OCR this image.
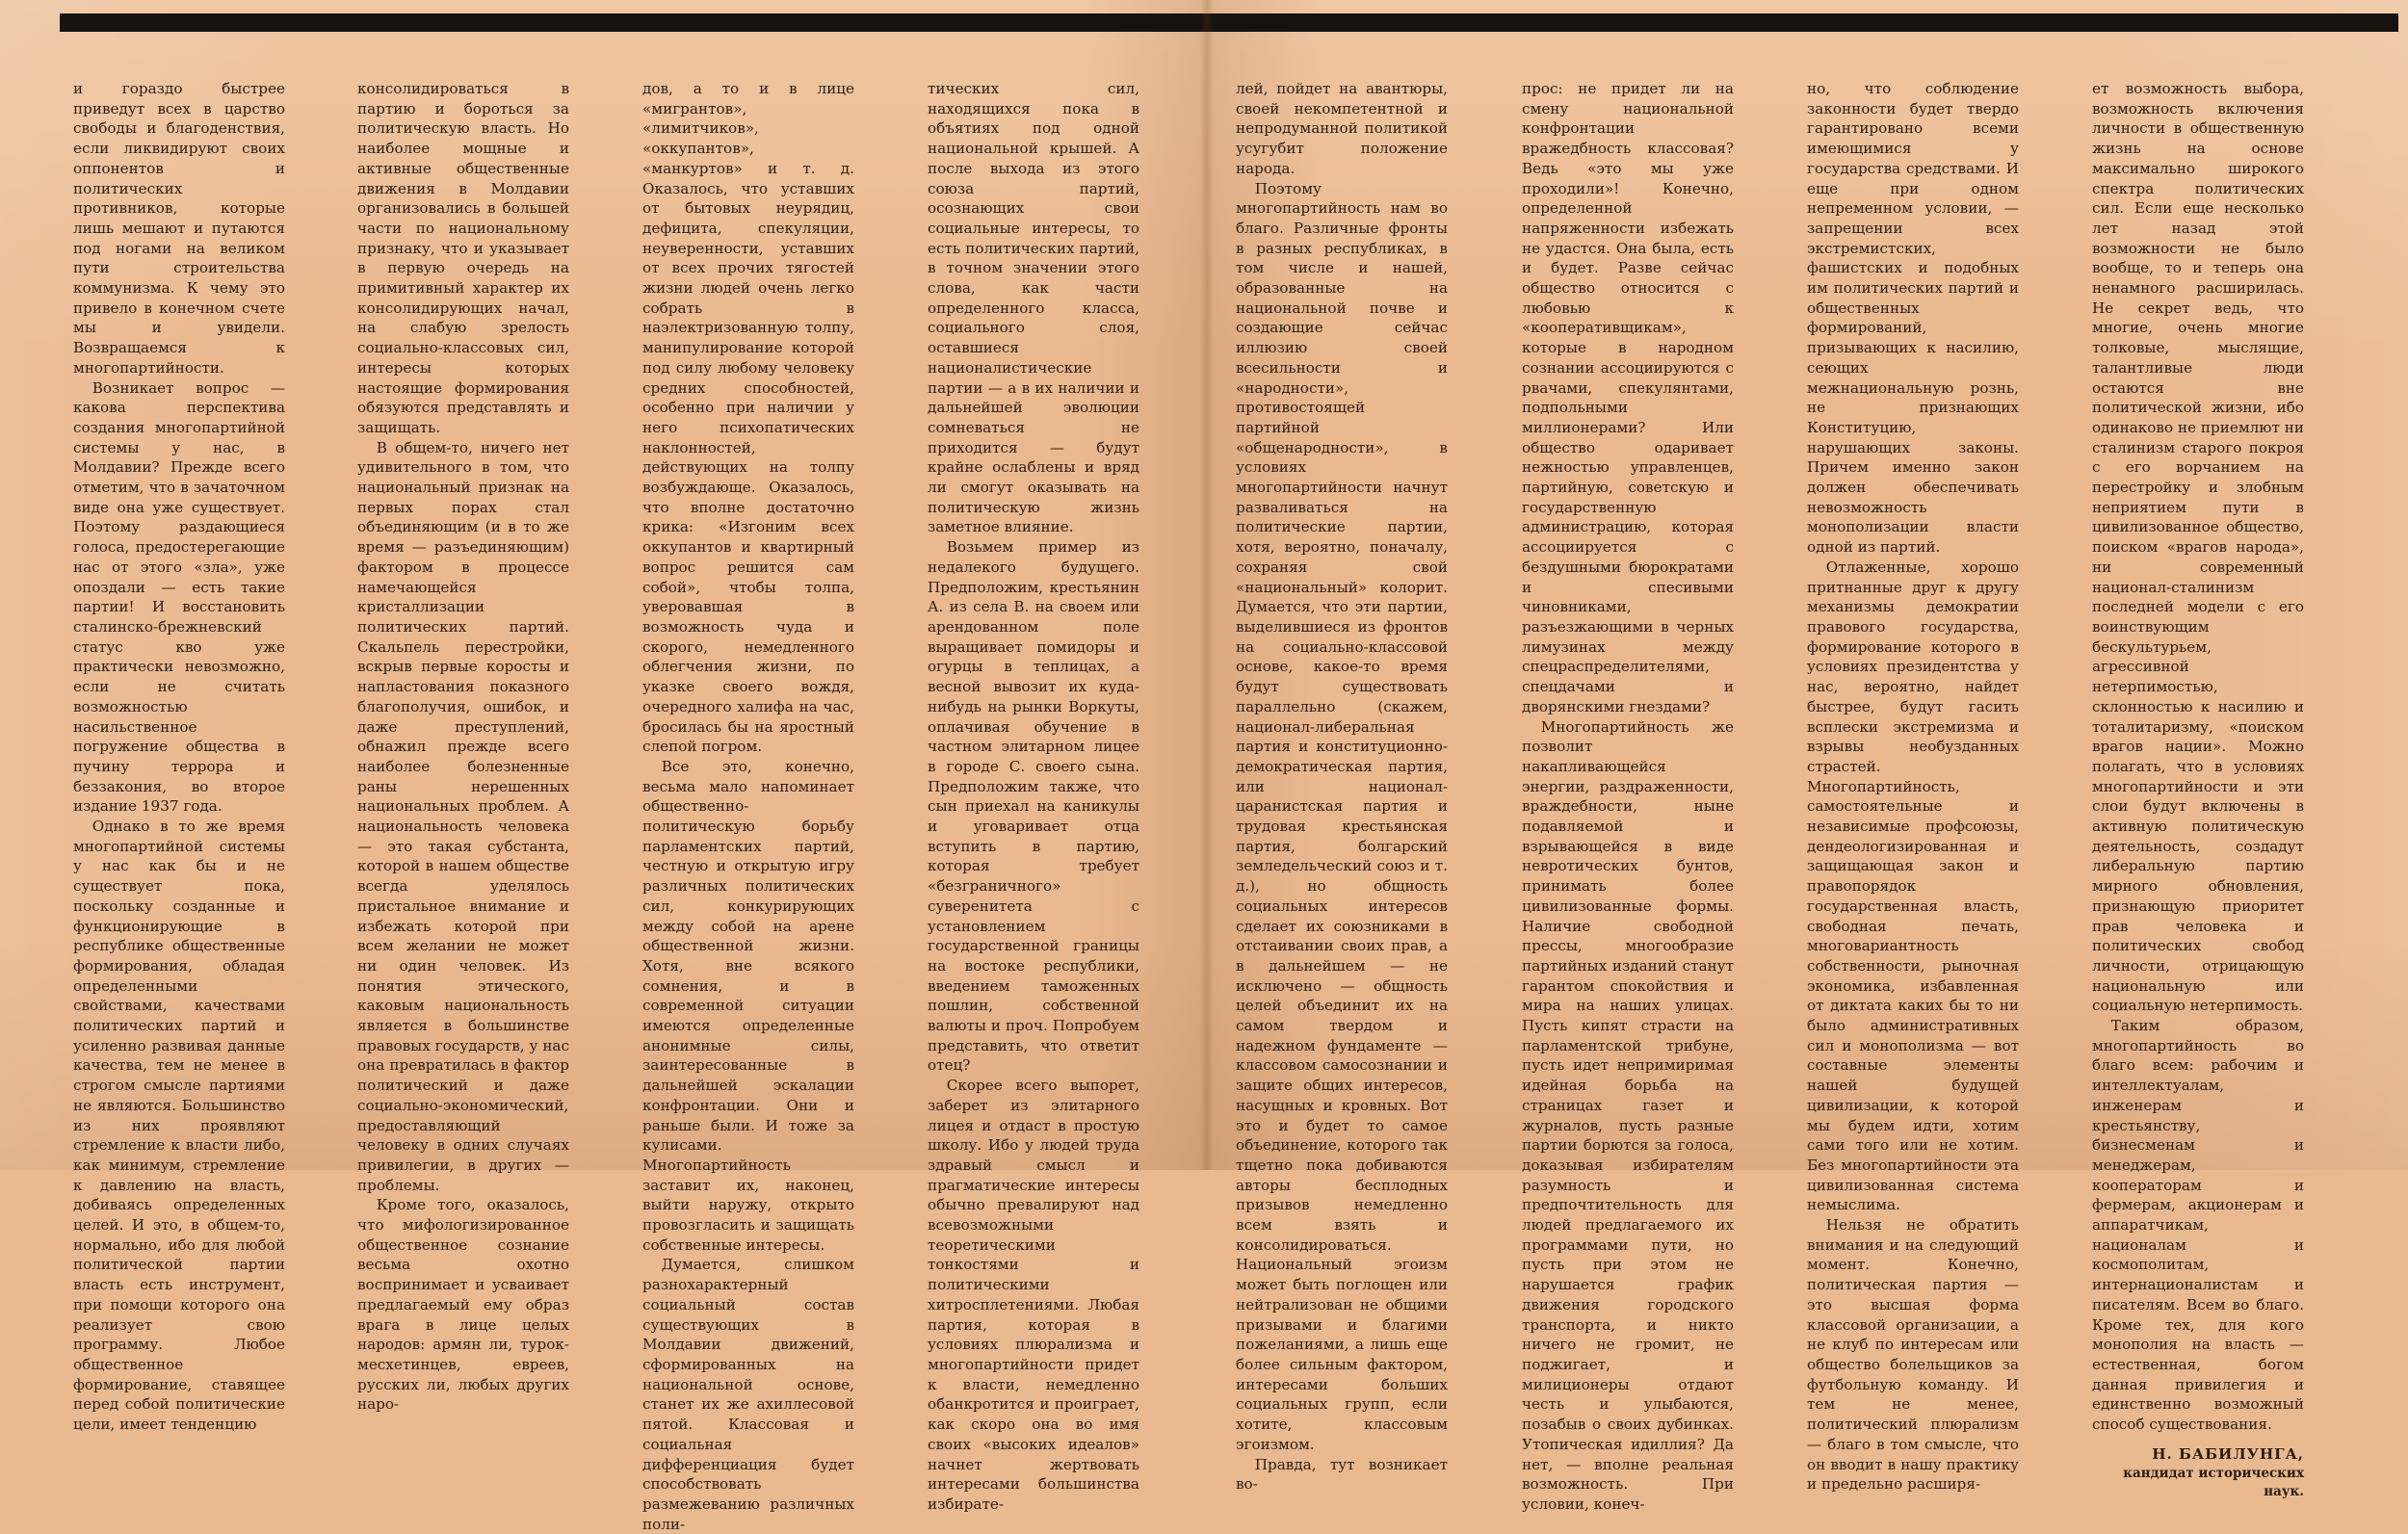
и гораздо быстрее приведут всех в царство свободы и благоденствия, если ликвидируют своих оппонентов и политических противников, которые лишь мешают и путаются под ногами на великом пути строительства коммунизма. К чему это привело в конечном счете мы и увидели. Возвращаемся к многопартийности.

Возникает вопрос — какова перспектива создания многопартийной системы у нас, в Молдавии? Прежде всего отметим, что в зачаточном виде она уже существует. Поэтому раздающиеся голоса, предостерегающие нас от этого «зла», уже опоздали — есть такие партии! И восстановить сталинско-брежневский статус кво уже практически невозможно, если не считать возможностью насильственное погружение общества в пучину террора и беззакония, во второе издание 1937 года.

Однако в то же время многопартийной системы у нас как бы и не существует пока, поскольку созданные и функционирующие в республике общественные формирования, обладая определенными свойствами, качествами политических партий и усиленно развивая данные качества, тем не менее в строгом смысле партиями не являются. Большинство из них проявляют стремление к власти либо, как минимум, стремление к давлению на власть, добиваясь определенных целей. И это, в общем-то, нормально, ибо для любой политической партии власть есть инструмент, при помощи которого она реализует свою программу. Любое общественное формирование, ставящее перед собой политические цели, имеет тенденцию

консолидироваться в партию и бороться за политическую власть. Но наиболее мощные и активные общественные движения в Молдавии организовались в большей части по национальному признаку, что и указывает в первую очередь на примитивный характер их консолидирующих начал, на слабую зрелость социально-классовых сил, интересы которых настоящие формирования обязуются представлять и защищать.

В общем-то, ничего нет удивительного в том, что национальный признак на первых порах стал объединяющим (и в то же время — разъединяющим) фактором в процессе намечающейся кристаллизации политических партий. Скальпель перестройки, вскрыв первые коросты и напластования показного благополучия, ошибок, и даже преступлений, обнажил прежде всего наиболее болезненные раны нерешенных национальных проблем. А национальность человека — это такая субстанта, которой в нашем обществе всегда уделялось пристальное внимание и избежать которой при всем желании не может ни один человек. Из понятия этического, каковым национальность является в большинстве правовых государств, у нас она превратилась в фактор политический и даже социально-экономический, предоставляющий человеку в одних случаях привилегии, в других — проблемы.

Кроме того, оказалось, что мифологизированное общественное сознание весьма охотно воспринимает и усваивает предлагаемый ему образ врага в лице целых народов: армян ли, турок-месхетинцев, евреев, русских ли, любых других наро-

дов, а то и в лице «мигрантов», «лимитчиков», «оккупантов», «манкуртов» и т. д. Оказалось, что уставших от бытовых неурядиц, дефицита, спекуляции, неуверенности, уставших от всех прочих тягостей жизни людей очень легко собрать в наэлектризованную толпу, манипулирование которой под силу любому человеку средних способностей, особенно при наличии у него психопатических наклонностей, действующих на толпу возбуждающе. Оказалось, что вполне достаточно крика: «Изгоним всех оккупантов и квартирный вопрос решится сам собой», чтобы толпа, уверовавшая в возможность чуда и скорого, немедленного облегчения жизни, по указке своего вождя, очередного халифа на час, бросилась бы на яростный слепой погром.

Все это, конечно, весьма мало напоминает общественно-политическую борьбу парламентских партий, честную и открытую игру различных политических сил, конкурирующих между собой на арене общественной жизни. Хотя, вне всякого сомнения, и в современной ситуации имеются определенные анонимные силы, заинтересованные в дальнейшей эскалации конфронтации. Они и раньше были. И тоже за кулисами. Многопартийность заставит их, наконец, выйти наружу, открыто провозгласить и защищать собственные интересы.

Думается, слишком разнохарактерный социальный состав существующих в Молдавии движений, сформированных на национальной основе, станет их же ахиллесовой пятой. Классовая и социальная дифференциация будет способствовать размежеванию различных поли-

тических сил, находящихся пока в объятиях под одной национальной крышей. А после выхода из этого союза партий, осознающих свои социальные интересы, то есть политических партий, в точном значении этого слова, как части определенного класса, социального слоя, оставшиеся националистические партии — а в их наличии и дальнейшей эволюции сомневаться не приходится — будут крайне ослаблены и вряд ли смогут оказывать на политическую жизнь заметное влияние.

Возьмем пример из недалекого будущего. Предположим, крестьянин А. из села В. на своем или арендованном поле выращивает помидоры и огурцы в теплицах, а весной вывозит их куда-нибудь на рынки Воркуты, оплачивая обучение в частном элитарном лицее в городе С. своего сына. Предположим также, что сын приехал на каникулы и уговаривает отца вступить в партию, которая требует «безграничного» суверенитета с установлением государственной границы на востоке республики, введением таможенных пошлин, собственной валюты и проч. Попробуем представить, что ответит отец?

Скорее всего выпорет, заберет из элитарного лицея и отдаст в простую школу. Ибо у людей труда здравый смысл и прагматические интересы обычно превалируют над всевозможными теоретическими тонкостями и политическими хитросплетениями. Любая партия, которая в условиях плюрализма и многопартийности придет к власти, немедленно обанкротится и проиграет, как скоро она во имя своих «высоких идеалов» начнет жертвовать интересами большинства избирате-

лей, пойдет на авантюры, своей некомпетентной и непродуманной политикой усугубит положение народа.

Поэтому многопартийность нам во благо. Различные фронты в разных республиках, в том числе и нашей, образованные на национальной почве и создающие сейчас иллюзию своей всесильности и «народности», противостоящей партийной «общенародности», в условиях многопартийности начнут разваливаться на политические партии, хотя, вероятно, поначалу, сохраняя свой «национальный» колорит. Думается, что эти партии, выделившиеся из фронтов на социально-классовой основе, какое-то время будут существовать параллельно (скажем, национал-либеральная партия и конституционно-демократическая партия, или национал-царанистская партия и трудовая крестьянская партия, болгарский земледельческий союз и т. д.), но общность социальных интересов сделает их союзниками в отстаивании своих прав, а в дальнейшем — не исключено — общность целей объединит их на самом твердом и надежном фундаменте — классовом самосознании и защите общих интересов, насущных и кровных. Вот это и будет то самое объединение, которого так тщетно пока добиваются авторы бесплодных призывов немедленно всем взять и консолидироваться. Национальный эгоизм может быть поглощен или нейтрализован не общими призывами и благими пожеланиями, а лишь еще более сильным фактором, интересами больших социальных групп, если хотите, классовым эгоизмом.

Правда, тут возникает во-

прос: не придет ли на смену национальной конфронтации вражедбность классовая? Ведь «это мы уже проходили»! Конечно, определенной напряженности избежать не удастся. Она была, есть и будет. Разве сейчас общество относится с любовью к «кооперативщикам», которые в народном сознании ассоциируются с рвачами, спекулянтами, подпольными миллионерами? Или общество одаривает нежностью управленцев, партийную, советскую и государственную администрацию, которая ассоциируется с бездушными бюрократами и спесивыми чиновниками, разъезжающими в черных лимузинах между спецраспределителями, спецдачами и дворянскими гнездами?

Многопартийность же позволит накапливающейся энергии, раздраженности, враждебности, ныне подавляемой и взрывающейся в виде невротических бунтов, принимать более цивилизованные формы. Наличие свободной прессы, многообразие партийных изданий станут гарантом спокойствия и мира на наших улицах. Пусть кипят страсти на парламентской трибуне, пусть идет непримиримая идейная борьба на страницах газет и журналов, пусть разные партии борются за голоса, доказывая избирателям разумность и предпочтительность для людей предлагаемого их программами пути, но пусть при этом не нарушается график движения городского транспорта, и никто ничего не громит, не поджигает, и милиционеры отдают честь и улыбаются, позабыв о своих дубинках. Утопическая идиллия? Да нет, — вполне реальная возможность. При условии, конеч-

но, что соблюдение законности будет твердо гарантировано всеми имеющимися у государства средствами. И еще при одном непременном условии, — запрещении всех экстремистских, фашистских и подобных им политических партий и общественных формирований, призывающих к насилию, сеющих межнациональную рознь, не признающих Конституцию, нарушающих законы. Причем именно закон должен обеспечивать невозможность монополизации власти одной из партий.

Отлаженные, хорошо притнанные друг к другу механизмы демократии правового государства, формирование которого в условиях президентства у нас, вероятно, найдет быстрее, будут гасить всплески экстремизма и взрывы необузданных страстей. Многопартийность, самостоятельные и независимые профсоюзы, дендеологизированная и защищающая закон и правопорядок государственная власть, свободная печать, многовариантность собственности, рыночная экономика, избавленная от диктата каких бы то ни было административных сил и монополизма — вот составные элементы нашей будущей цивилизации, к которой мы будем идти, хотим сами того или не хотим. Без многопартийности эта цивилизованная система немыслима.

Нельзя не обратить внимания и на следующий момент. Конечно, политическая партия — это высшая форма классовой организации, а не клуб по интересам или общество болельщиков за футбольную команду. И тем не менее, политический плюрализм — благо в том смысле, что он вводит в нашу практику и предельно расширя-

ет возможность выбора, возможность включения личности в общественную жизнь на основе максимально широкого спектра политических сил. Если еще несколько лет назад этой возможности не было вообще, то и теперь она ненамного расширилась. Не секрет ведь, что многие, очень многие толковые, мыслящие, талантливые люди остаются вне политической жизни, ибо одинаково не приемлют ни сталинизм старого покроя с его ворчанием на перестройку и злобным неприятием пути в цивилизованное общество, поиском «врагов народа», ни современный национал-сталинизм последней модели с его воинствующим бескультурьем, агрессивной нетерпимостью, склонностью к насилию и тоталитаризму, «поиском врагов нации». Можно полагать, что в условиях многопартийности и эти слои будут включены в активную политическую деятельность, создадут либеральную партию мирного обновления, признающую приоритет прав человека и политических свобод личности, отрицающую национальную или социальную нетерпимость.

Таким образом, многопартийность во благо всем: рабочим и интеллектуалам, инженерам и крестьянству, бизнесменам и менеджерам, кооператорам и фермерам, акционерам и аппаратчикам, националам и космополитам, интернационалистам и писателям. Всем во благо. Кроме тех, для кого монополия на власть — естественная, богом данная привилегия и единственно возможный способ существования.

Н. БАБИЛУНГА,

кандидат исторических наук.
